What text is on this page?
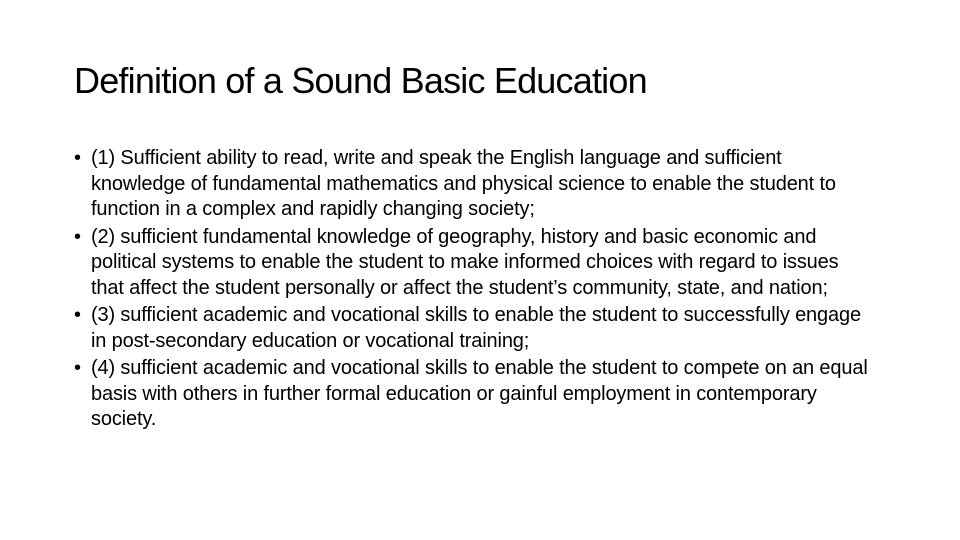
Definition of a Sound Basic Education
• (1) Sufficient ability to read, write and speak the English language and sufficient knowledge of fundamental mathematics and physical science to enable the student to function in a complex and rapidly changing society;
• (2) sufficient fundamental knowledge of geography, history and basic economic and political systems to enable the student to make informed choices with regard to issues that affect the student personally or affect the student’s community, state, and nation;
• (3) sufficient academic and vocational skills to enable the student to successfully engage in post-secondary education or vocational training;
• (4) sufficient academic and vocational skills to enable the student to compete on an equal basis with others in further formal education or gainful employment in contemporary society.
